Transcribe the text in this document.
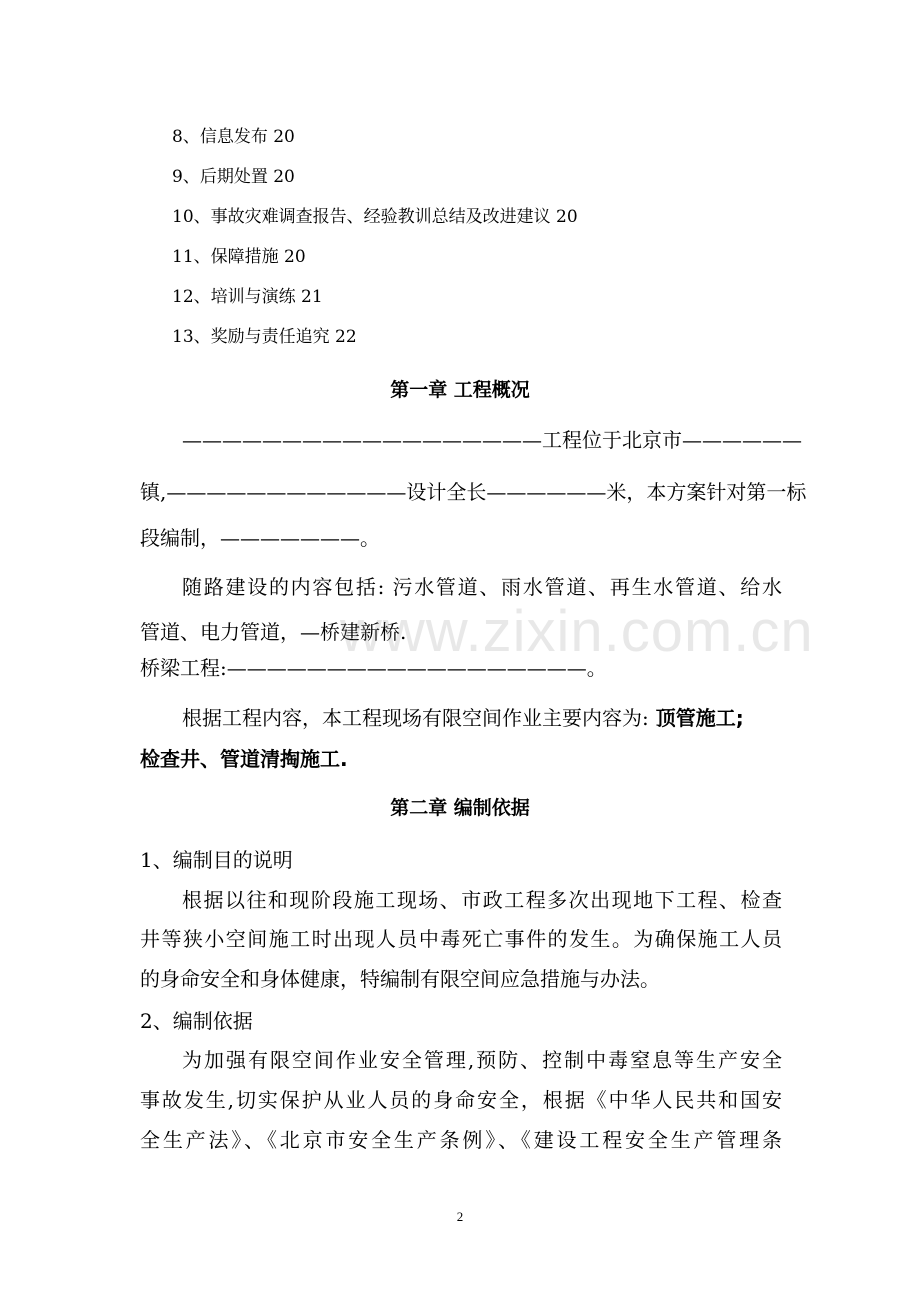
8、信息发布 20
9、后期处置 20
10、事故灾难调查报告、经验教训总结及改进建议 20
11、保障措施 20
12、培训与演练 21
13、奖励与责任追究 22
第一章 工程概况
——————————————————工程位于北京市——————
镇,————————————设计全长——————米，本方案针对第一标
段编制，———————。
随路建设的内容包括: 污水管道、雨水管道、再生水管道、给水
管道、电力管道，—桥建新桥.
桥梁工程:——————————————————。
根据工程内容，本工程现场有限空间作业主要内容为: 顶管施工;
检查井、管道清掏施工.
第二章 编制依据
1、编制目的说明
根据以往和现阶段施工现场、市政工程多次出现地下工程、检查
井等狭小空间施工时出现人员中毒死亡事件的发生。为确保施工人员
的身命安全和身体健康，特编制有限空间应急措施与办法。
2、编制依据
为加强有限空间作业安全管理,预防、控制中毒窒息等生产安全
事故发生,切实保护从业人员的身命安全，根据《中华人民共和国安
全生产法》、《北京市安全生产条例》、《建设工程安全生产管理条
www.zixin.com.cn
2
